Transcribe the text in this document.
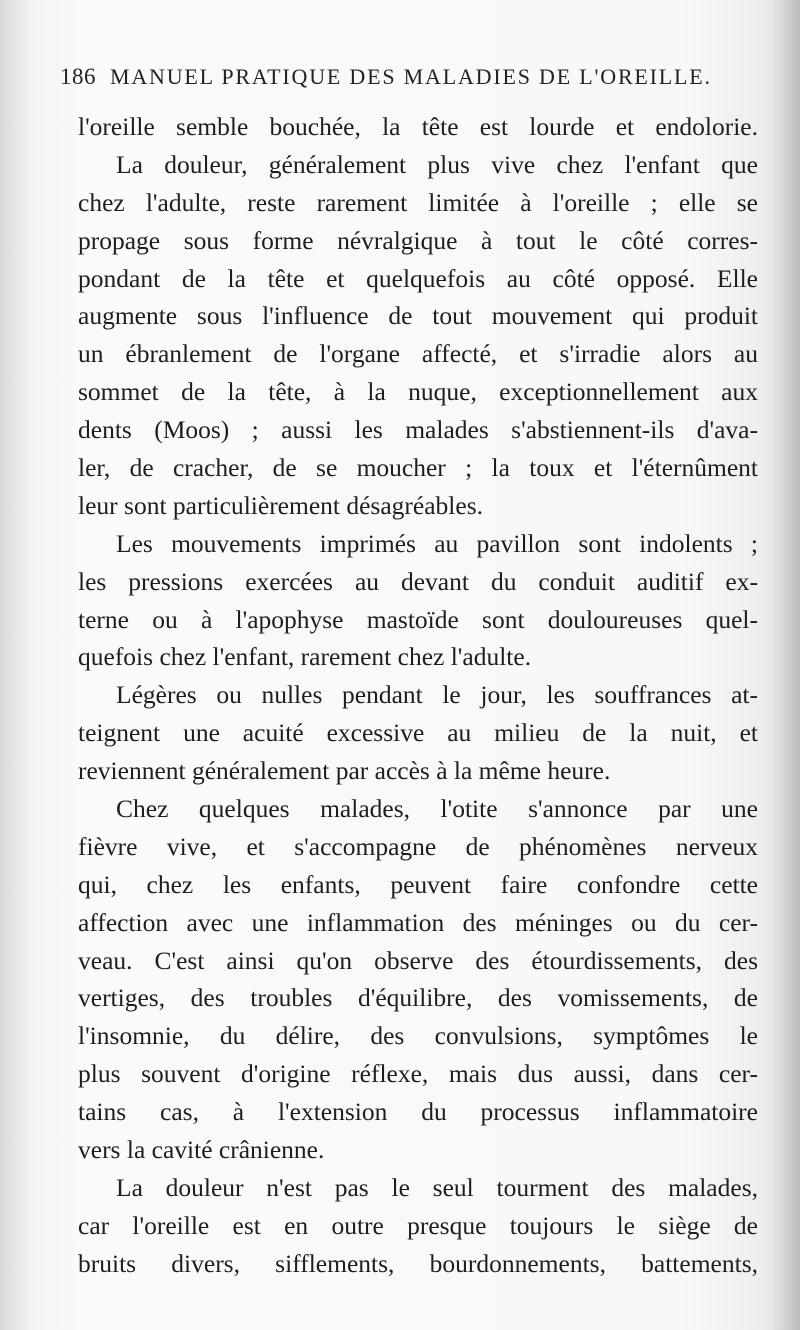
186 MANUEL PRATIQUE DES MALADIES DE L'OREILLE.
l'oreille semble bouchée, la tête est lourde et endolorie.
La douleur, généralement plus vive chez l'enfant que
chez l'adulte, reste rarement limitée à l'oreille ; elle se
propage sous forme névralgique à tout le côté corres-
pondant de la tête et quelquefois au côté opposé. Elle
augmente sous l'influence de tout mouvement qui produit
un ébranlement de l'organe affecté, et s'irradie alors au
sommet de la tête, à la nuque, exceptionnellement aux
dents (Moos) ; aussi les malades s'abstiennent-ils d'ava-
ler, de cracher, de se moucher ; la toux et l'éternûment
leur sont particulièrement désagréables.
Les mouvements imprimés au pavillon sont indolents ;
les pressions exercées au devant du conduit auditif ex-
terne ou à l'apophyse mastoïde sont douloureuses quel-
quefois chez l'enfant, rarement chez l'adulte.
Légères ou nulles pendant le jour, les souffrances at-
teignent une acuité excessive au milieu de la nuit, et
reviennent généralement par accès à la même heure.
Chez quelques malades, l'otite s'annonce par une
fièvre vive, et s'accompagne de phénomènes nerveux
qui, chez les enfants, peuvent faire confondre cette
affection avec une inflammation des méninges ou du cer-
veau. C'est ainsi qu'on observe des étourdissements, des
vertiges, des troubles d'équilibre, des vomissements, de
l'insomnie, du délire, des convulsions, symptômes le
plus souvent d'origine réflexe, mais dus aussi, dans cer-
tains cas, à l'extension du processus inflammatoire
vers la cavité crânienne.
La douleur n'est pas le seul tourment des malades,
car l'oreille est en outre presque toujours le siège de
bruits divers, sifflements, bourdonnements, battements,
